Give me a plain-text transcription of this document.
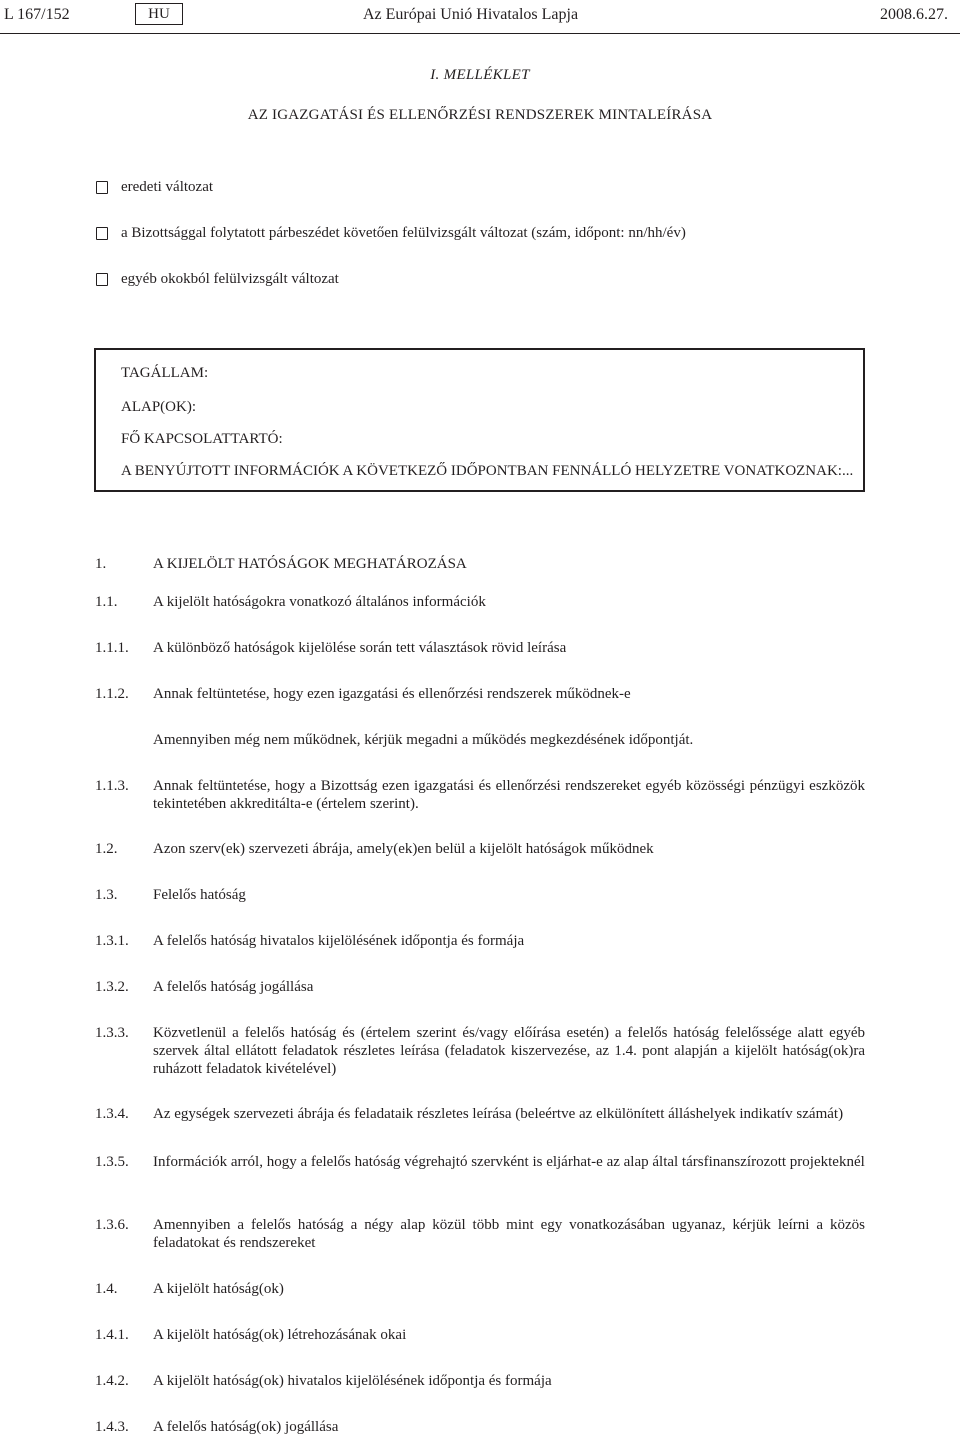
L 167/152	HU	Az Európai Unió Hivatalos Lapja	2008.6.27.
I. MELLÉKLET
AZ IGAZGATÁSI ÉS ELLENŐRZÉSI RENDSZEREK MINTALEÍRÁSA
eredeti változat
a Bizottsággal folytatott párbeszédet követően felülvizsgált változat (szám, időpont: nn/hh/év)
egyéb okokból felülvizsgált változat
TAGÁLLAM:
ALAP(OK):
FŐ KAPCSOLATTARTÓ:
A BENYÚJTOTT INFORMÁCIÓK A KÖVETKEZŐ IDŐPONTBAN FENNÁLLÓ HELYZETRE VONATKOZNAK:...
1.	A KIJELÖLT HATÓSÁGOK MEGHATÁROZÁSA
1.1. A kijelölt hatóságokra vonatkozó általános információk
1.1.1. A különböző hatóságok kijelölése során tett választások rövid leírása
1.1.2. Annak feltüntetése, hogy ezen igazgatási és ellenőrzési rendszerek működnek-e
Amennyiben még nem működnek, kérjük megadni a működés megkezdésének időpontját.
1.1.3. Annak feltüntetése, hogy a Bizottság ezen igazgatási és ellenőrzési rendszereket egyéb közösségi pénzügyi eszközök tekintetében akkreditálta-e (értelem szerint).
1.2. Azon szerv(ek) szervezeti ábrája, amely(ek)en belül a kijelölt hatóságok működnek
1.3. Felelős hatóság
1.3.1. A felelős hatóság hivatalos kijelölésének időpontja és formája
1.3.2. A felelős hatóság jogállása
1.3.3. Közvetlenül a felelős hatóság és (értelem szerint és/vagy előírása esetén) a felelős hatóság felelőssége alatt egyéb szervek által ellátott feladatok részletes leírása (feladatok kiszervezése, az 1.4. pont alapján a kijelölt hatóság(ok)ra ruházott feladatok kivételével)
1.3.4. Az egységek szervezeti ábrája és feladataik részletes leírása (beleértve az elkülönített álláshelyek indikatív számát)
1.3.5. Információk arról, hogy a felelős hatóság végrehajtó szervként is eljárhat-e az alap által társfinanszírozott projekteknél
1.3.6. Amennyiben a felelős hatóság a négy alap közül több mint egy vonatkozásában ugyanaz, kérjük leírni a közös feladatokat és rendszereket
1.4. A kijelölt hatóság(ok)
1.4.1. A kijelölt hatóság(ok) létrehozásának okai
1.4.2. A kijelölt hatóság(ok) hivatalos kijelölésének időpontja és formája
1.4.3. A felelős hatóság(ok) jogállása
